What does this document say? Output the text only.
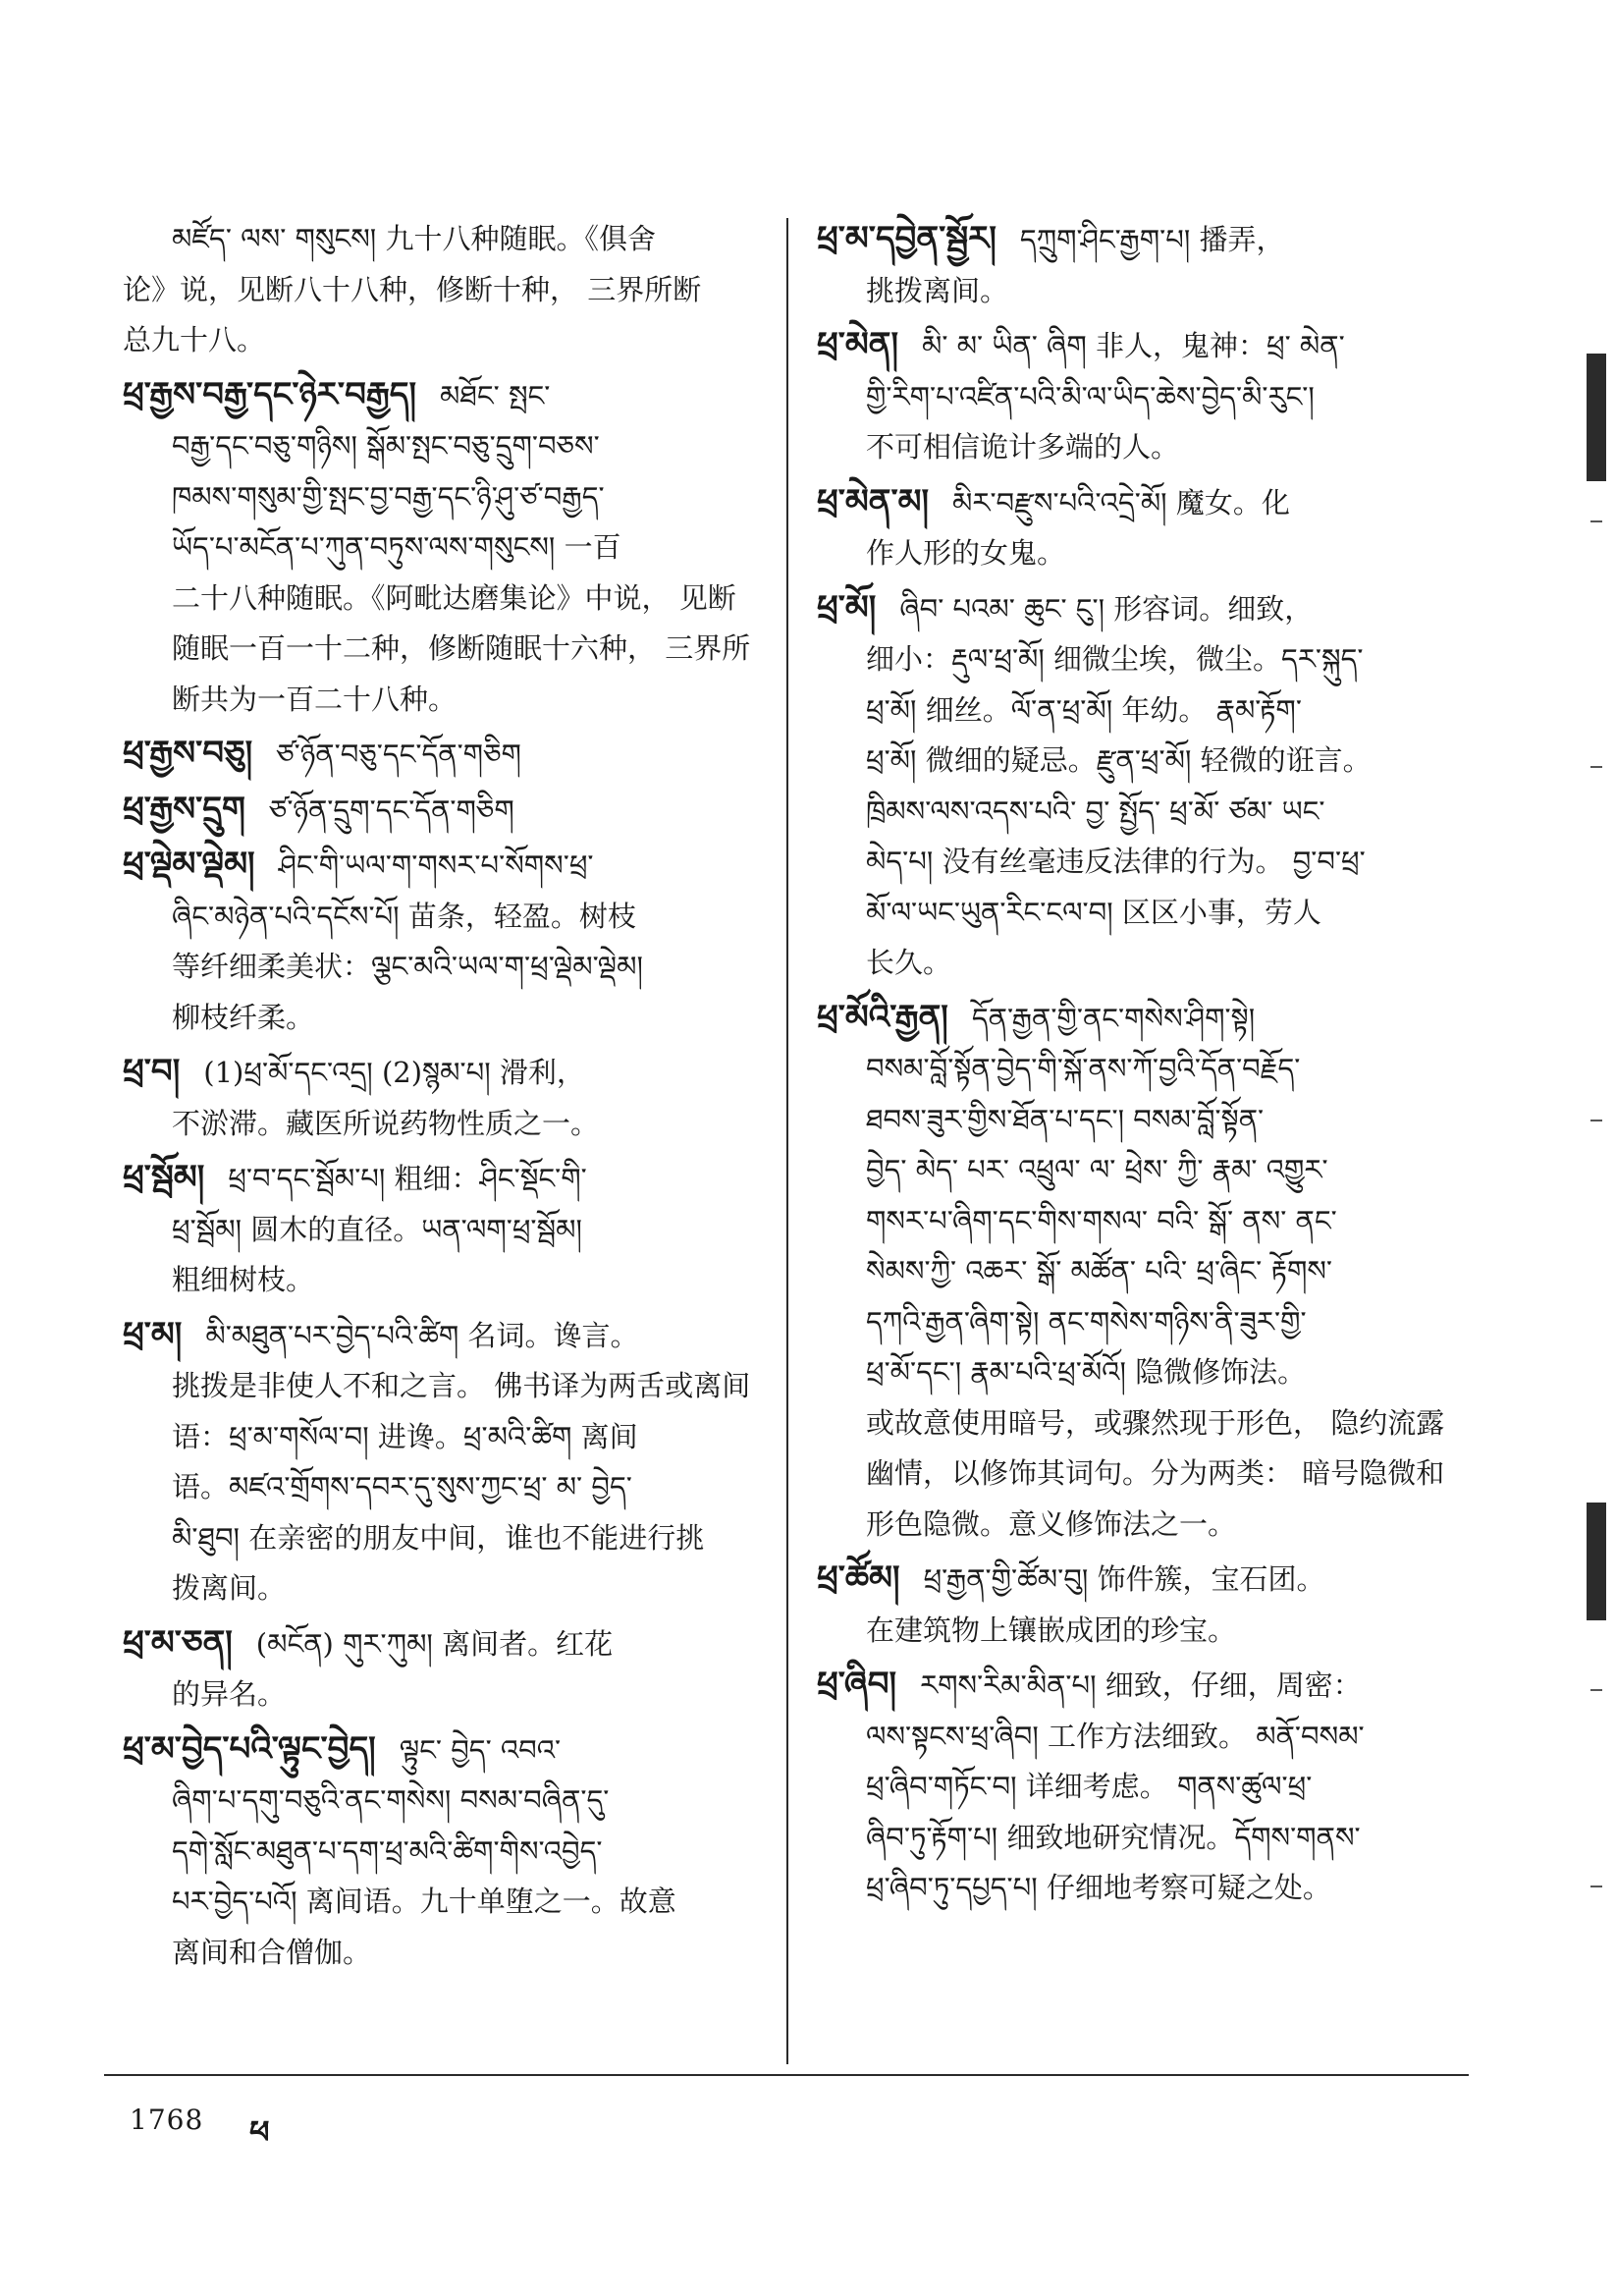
མཛོད་ ལས་ གསུངས། 九十八种随眠。《俱舍

论》说，见断八十八种，修断十种， 三界所断

总九十八。

ཕྲ་རྒྱས་བརྒྱ་དང་ཉེར་བརྒྱད། མཐོང་ སྤང་

བརྒྱ་དང་བཅུ་གཉིས། སྒོམ་སྤང་བཅུ་དྲུག་བཅས་

ཁམས་གསུམ་གྱི་སྤང་བྱ་བརྒྱ་དང་ཉི་ཤུ་ཙ་བརྒྱད་

ཡོད་པ་མངོན་པ་ཀུན་བཏུས་ལས་གསུངས། 一百

二十八种随眠。《阿毗达磨集论》中说， 见断

随眠一百一十二种，修断随眠十六种， 三界所

断共为一百二十八种。

ཕྲ་རྒྱས་བཅུ། ཙ་ཉོན་བཅུ་དང་དོན་གཅིག

ཕྲ་རྒྱས་དྲུག ཙ་ཉོན་དྲུག་དང་དོན་གཅིག

ཕྲ་ལྡེམ་ལྡེམ། ཤིང་གི་ཡལ་ག་གསར་པ་སོགས་ཕྲ་

ཞིང་མཉེན་པའི་དངོས་པོ། 苗条，轻盈。树枝

等纤细柔美状：ལྕང་མའི་ཡལ་ག་ཕྲ་ལྡེམ་ལྡེམ།

柳枝纤柔。

ཕྲ་བ། (1)ཕྲ་མོ་དང་འདྲ། (2)སྙམ་པ། 滑利，

不淤滞。藏医所说药物性质之一。

ཕྲ་སྦོམ། ཕྲ་བ་དང་སྦོམ་པ། 粗细：ཤིང་སྡོང་གི་

ཕྲ་སྦོམ། 圆木的直径。ཡན་ལག་ཕྲ་སྦོམ།

粗细树枝。

ཕྲ་མ། མི་མཐུན་པར་བྱེད་པའི་ཚིག 名词。谗言。

挑拨是非使人不和之言。 佛书译为两舌或离间

语：ཕྲ་མ་གསོལ་བ། 进谗。ཕྲ་མའི་ཚིག 离间

语。མཛའ་གྲོགས་དབར་དུ་སུས་ཀྱང་ཕྲ་ མ་ བྱེད་

མི་ཐུབ། 在亲密的朋友中间，谁也不能进行挑

拨离间。

ཕྲ་མ་ཅན། (མངོན) གུར་ཀུམ། 离间者。红花

的异名。

ཕྲ་མ་བྱེད་པའི་ལྟུང་བྱེད། ལྟུང་ བྱེད་ འབའ་

ཞིག་པ་དགུ་བཅུའི་ནང་གསེས། བསམ་བཞིན་དུ་

དགེ་སློང་མཐུན་པ་དག་ཕྲ་མའི་ཚིག་གིས་འབྱེད་

པར་བྱེད་པའོ། 离间语。九十单堕之一。故意

离间和合僧伽。

ཕྲ་མ་དབྱེན་སྦྱོར། དཀྲུག་ཤིང་རྒྱག་པ། 播弄，

挑拨离间。

ཕྲ་མེན། མི་ མ་ ཡིན་ ཞིག 非人，鬼神：ཕྲ་ མེན་

གྱི་རིག་པ་འཛིན་པའི་མི་ལ་ཡིད་ཆེས་བྱེད་མི་རུང་།

不可相信诡计多端的人。

ཕྲ་མེན་མ། མིར་བརྫུས་པའི་འདྲེ་མོ། 魔女。化

作人形的女鬼。

ཕྲ་མོ། ཞིབ་ པའམ་ ཆུང་ ངུ་། 形容词。细致，

细小：རྡུལ་ཕྲ་མོ། 细微尘埃，微尘。དར་སྐུད་

ཕྲ་མོ། 细丝。ལོ་ན་ཕྲ་མོ། 年幼。 རྣམ་རྟོག་

ཕྲ་མོ། 微细的疑忌。རྫུན་ཕྲ་མོ། 轻微的诳言。

ཁྲིམས་ལས་འདས་པའི་ བྱ་ སྤྱོད་ ཕྲ་མོ་ ཙམ་ ཡང་

མེད་པ། 没有丝毫违反法律的行为。 བྱ་བ་ཕྲ་

མོ་ལ་ཡང་ཡུན་རིང་ངལ་བ། 区区小事，劳人

长久。

ཕྲ་མོའི་རྒྱན། དོན་རྒྱན་གྱི་ནང་གསེས་ཤིག་སྟེ།

བསམ་བློ་སྟོན་བྱེད་གི་སྐོ་ནས་ཀོ་བྱའི་དོན་བརྗོད་

ཐབས་ཟུར་གྱིས་ཐོན་པ་དང་། བསམ་བློ་སྟོན་

བྱེད་ མེད་ པར་ འཕྲུལ་ ལ་ ཕྲེས་ ཀྱི་ རྣམ་ འགྱུར་

གསར་པ་ཞིག་དང་གིས་གསལ་ བའི་ སྒོ་ ནས་ ནང་

སེམས་ཀྱི་ འཆར་ སྒོ་ མཚོན་ པའི་ ཕྲ་ཞིང་ རྟོགས་

དཀའི་རྒྱན་ཞིག་སྟེ། ནང་གསེས་གཉིས་ནི་ཟུར་གྱི་

ཕྲ་མོ་དང་། རྣམ་པའི་ཕྲ་མོའོ། 隐微修饰法。

或故意使用暗号，或骤然现于形色， 隐约流露

幽情，以修饰其词句。分为两类： 暗号隐微和

形色隐微。意义修饰法之一。

ཕྲ་ཚོམ། ཕྲ་རྒྱན་གྱི་ཚོམ་བུ། 饰件簇，宝石团。

在建筑物上镶嵌成团的珍宝。

ཕྲ་ཞིབ། རགས་རིམ་མིན་པ། 细致，仔细，周密：

ལས་སྟངས་ཕྲ་ཞིབ། 工作方法细致。 མནོ་བསམ་

ཕྲ་ཞིབ་གཏོང་བ། 详细考虑。 གནས་ཚུལ་ཕྲ་

ཞིབ་ཏུ་རྟོག་པ། 细致地研究情况。དོགས་གནས་

ཕྲ་ཞིབ་ཏུ་དཔྱད་པ། 仔细地考察可疑之处。

1768 ཕ
